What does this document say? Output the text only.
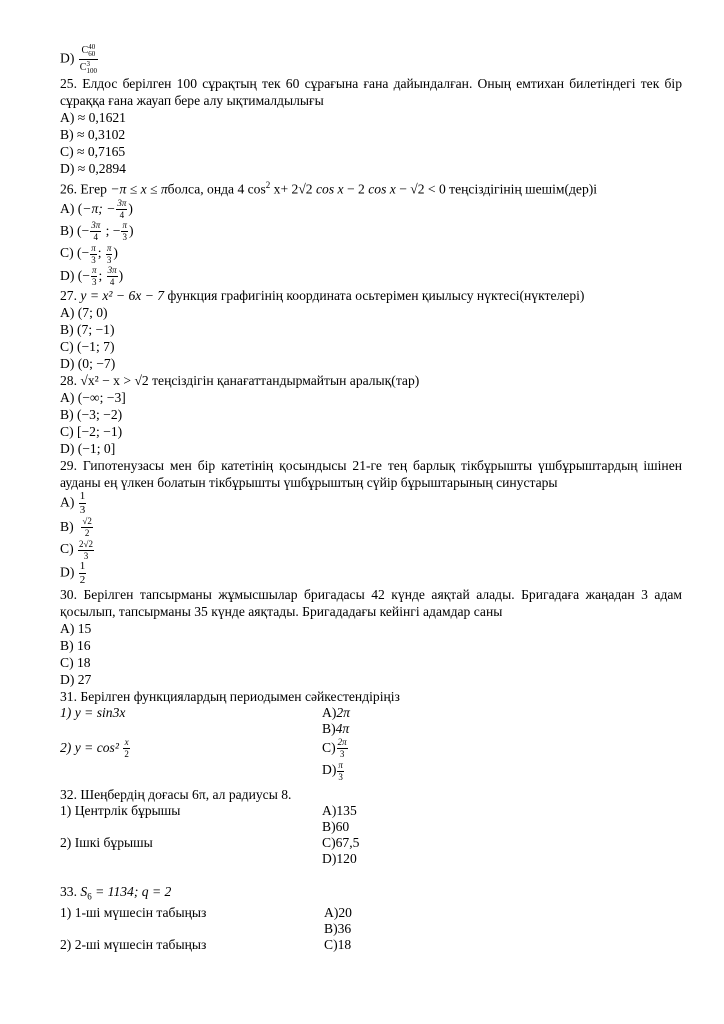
D) C 40
60
C 3
100
25. Елдос берілген 100 сұрақтың тек 60 сұрағына ғана дайындалған. Оның емтихан билетіндегі тек бір сұраққа ғана жауап бере алу ықтималдылығы
A) ≈ 0,1621
B) ≈ 0,3102
C) ≈ 0,7165
D) ≈ 0,2894
26. Егер −π ≤ x ≤ πболса, онда 4 $\cos^2 x+ 2√2$ cos x − 2 cos x − √2 < 0 теңсіздігінің шешім(дер)і
A) (−π; − $\frac{3\pi}{4}$ )
B) (− $\frac{3\pi}{4}$ ; − $\frac{\pi}{3}$ )
C) (− $\frac{\pi}{3}$ ; $\frac{\pi}{3}$ )
D) (− $\frac{\pi}{3}$ ; $\frac{3\pi}{4}$ )
27. y = x² − 6x − 7 функция графигінің координата осьтерімен қиылысу нүктесі(нүктелері)
A) (7; 0)
B) (7; −1)
C) (−1; 7)
D) (0; −7)
28. √x² − x > √2 теңсіздігін қанағаттандырмайтын аралық(тар)
A) (−∞; −3]
B) (−3; −2)
C) [−2; −1)
D) (−1; 0]
29. Гипотенузасы мен бір катетінің қосындысы 21-ге тең барлық тікбұрышты үшбұрыштардың ішінен ауданы ең үлкен болатын тікбұрышты үшбұрыштың сүйір бұрыштарының синустары
$A) \frac{1}{3}$
$B) \frac{√2}{2}$
$C) \frac{2√2}{3}$
$D) \frac{1}{2}$
30. Берілген тапсырманы жұмысшылар бригадасы 42 күнде аяқтай алады. Бригадаға жаңадан 3 адам қосылып, тапсырманы 35 күнде аяқтады. Бригададағы кейінгі адамдар саны
A) 15
B) 16
C) 18
D) 27
31. Берілген функциялардың периодымен сәйкестендіріңіз
1) y = sin3x	A)2π
B)4π
2) $y = \cos^2 \frac{x}{2}$	$C) \frac{2\pi}{3}$
$D) \frac{\pi}{3}$
32. Шеңбердің доғасы 6π, ал радиусы 8.
1) Центрлік бұрышы	A)135
B)60
2) Ішкі бұрышы	C)67,5
D)120
33. $S_6 = 1134$; q = 2
1) 1-ші мүшесін табыңыз	A)20
B)36
2) 2-ші мүшесін табыңыз	C)18
